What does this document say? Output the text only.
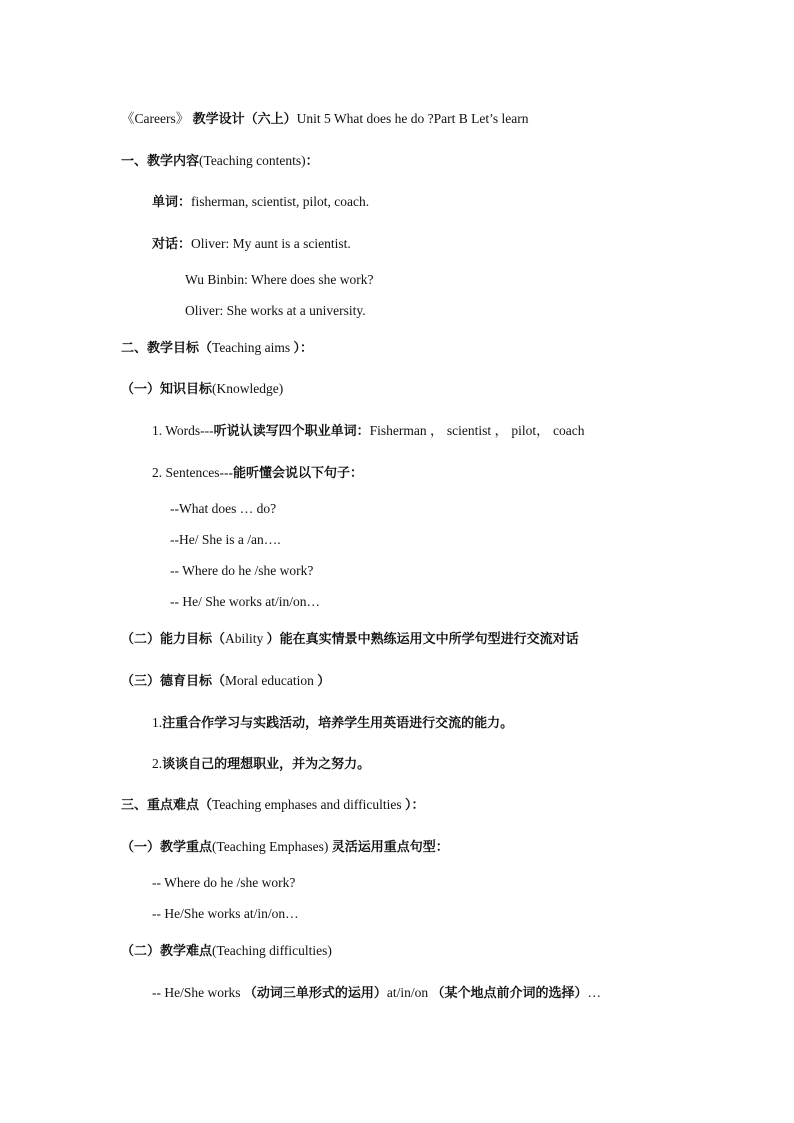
《Careers》 教学设计（六上）Unit 5 What does he do ?Part B Let’s learn
一、教学内容(Teaching contents)：
单词：fisherman, scientist, pilot, coach.
对话：Oliver: My aunt is a scientist.
Wu Binbin: Where does she work?
Oliver: She works at a university.
二、教学目标（Teaching aims ）：
（一）知识目标(Knowledge)
1. Words---听说认读写四个职业单词：Fisherman ， scientist ， pilot， coach
2. Sentences---能听懂会说以下句子：
--What does … do?
--He/ She is a /an….
-- Where do he /she work?
-- He/ She works at/in/on…
（二）能力目标（Ability ）能在真实情景中熟练运用文中所学句型进行交流对话
（三）德育目标（Moral education ）
1.注重合作学习与实践活动，培养学生用英语进行交流的能力。
2.谈谈自己的理想职业，并为之努力。
三、重点难点（Teaching emphases and difficulties ）：
（一）教学重点(Teaching Emphases) 灵活运用重点句型：
-- Where do he /she work?
-- He/She works at/in/on…
（二）教学难点(Teaching difficulties)
-- He/She works （动词三单形式的运用）at/in/on （某个地点前介词的选择）…
